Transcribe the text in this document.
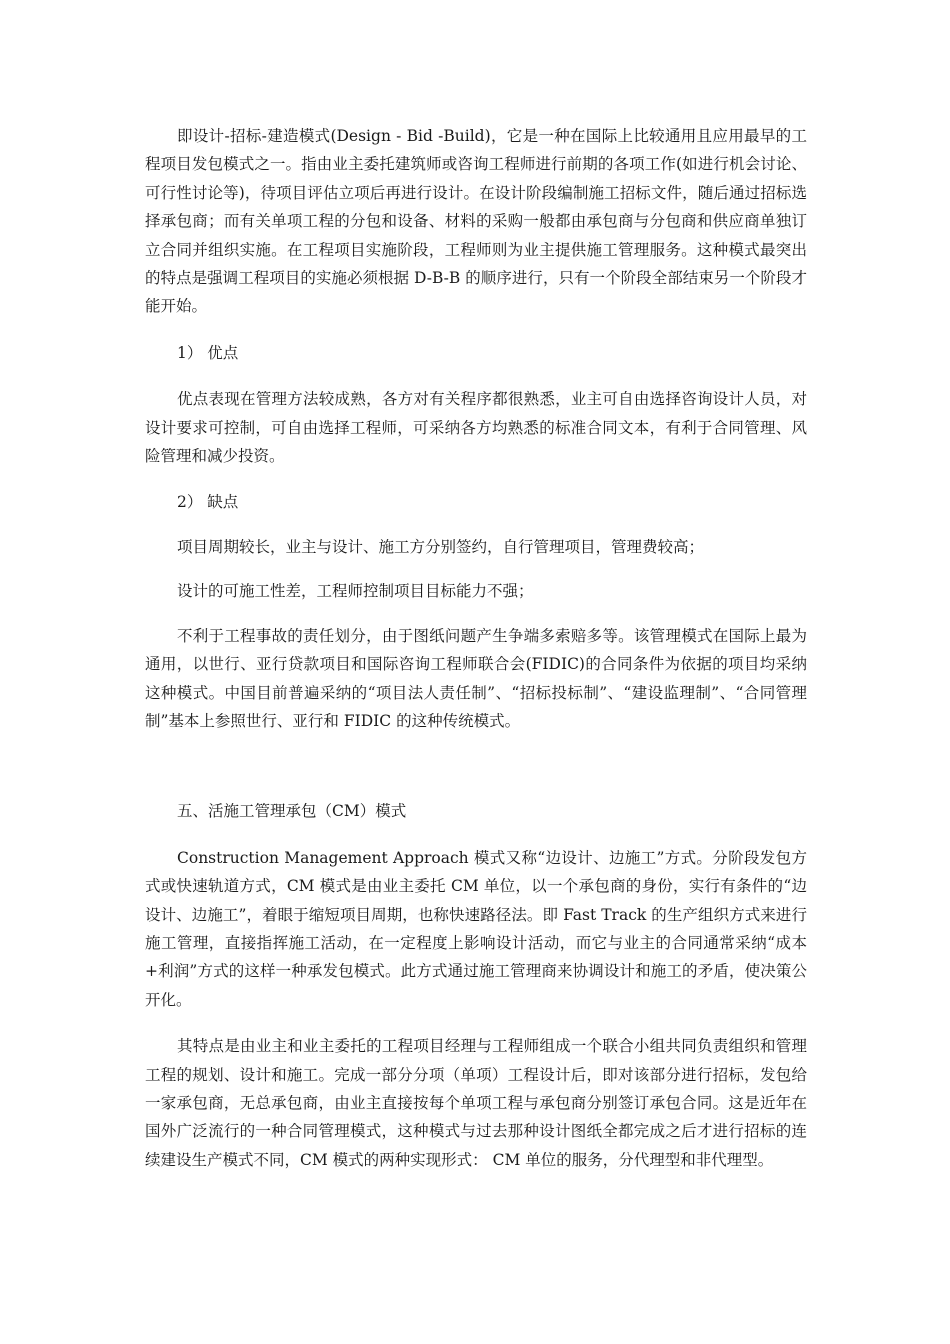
即设计-招标-建造模式(Design - Bid -Build)，它是一种在国际上比较通用且应用最早的工程项目发包模式之一。指由业主委托建筑师或咨询工程师进行前期的各项工作(如进行机会讨论、可行性讨论等)，待项目评估立项后再进行设计。在设计阶段编制施工招标文件，随后通过招标选择承包商；而有关单项工程的分包和设备、材料的采购一般都由承包商与分包商和供应商单独订立合同并组织实施。在工程项目实施阶段，工程师则为业主提供施工管理服务。这种模式最突出的特点是强调工程项目的实施必须根据 D-B-B 的顺序进行，只有一个阶段全部结束另一个阶段才能开始。

1） 优点

优点表现在管理方法较成熟，各方对有关程序都很熟悉，业主可自由选择咨询设计人员，对设计要求可控制，可自由选择工程师，可采纳各方均熟悉的标准合同文本，有利于合同管理、风险管理和减少投资。

2） 缺点

项目周期较长，业主与设计、施工方分别签约，自行管理项目，管理费较高；

设计的可施工性差，工程师控制项目目标能力不强；

不利于工程事故的责任划分，由于图纸问题产生争端多索赔多等。该管理模式在国际上最为通用，以世行、亚行贷款项目和国际咨询工程师联合会(FIDIC)的合同条件为依据的项目均采纳这种模式。中国目前普遍采纳的“项目法人责任制”、“招标投标制”、“建设监理制”、“合同管理制”基本上参照世行、亚行和 FIDIC 的这种传统模式。

五、活施工管理承包（CM）模式

Construction Management Approach 模式又称“边设计、边施工”方式。分阶段发包方式或快速轨道方式，CM 模式是由业主委托 CM 单位，以一个承包商的身份，实行有条件的“边设计、边施工”，着眼于缩短项目周期，也称快速路径法。即 Fast Track 的生产组织方式来进行施工管理，直接指挥施工活动，在一定程度上影响设计活动，而它与业主的合同通常采纳“成本+利润”方式的这样一种承发包模式。此方式通过施工管理商来协调设计和施工的矛盾，使决策公开化。

其特点是由业主和业主委托的工程项目经理与工程师组成一个联合小组共同负责组织和管理工程的规划、设计和施工。完成一部分分项（单项）工程设计后，即对该部分进行招标，发包给一家承包商，无总承包商，由业主直接按每个单项工程与承包商分别签订承包合同。这是近年在国外广泛流行的一种合同管理模式，这种模式与过去那种设计图纸全都完成之后才进行招标的连续建设生产模式不同，CM 模式的两种实现形式： CM 单位的服务，分代理型和非代理型。
